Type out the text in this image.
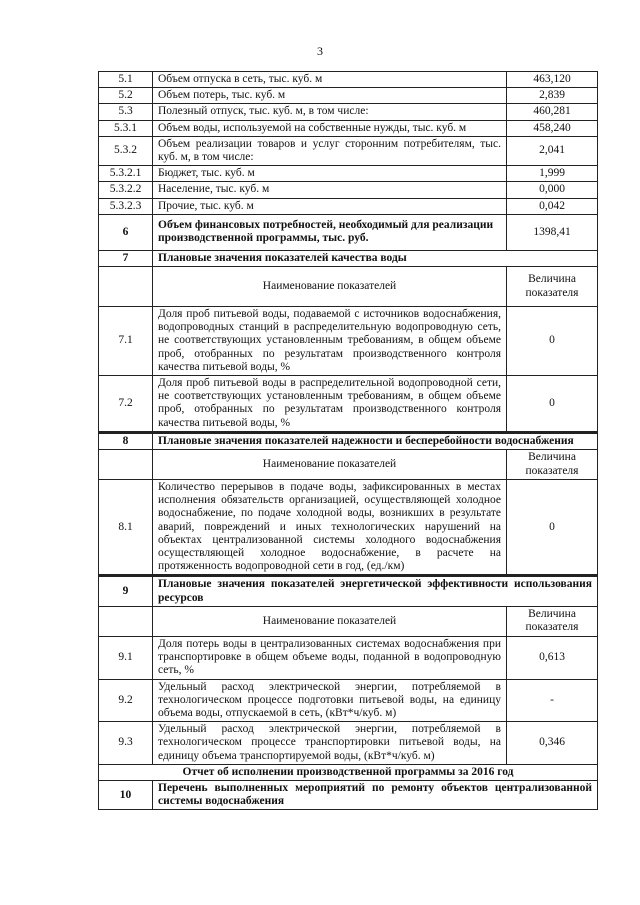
3
5.1	Объем отпуска в сеть, тыс. куб. м	463,120
5.2	Объем потерь, тыс. куб. м	2,839
5.3	Полезный отпуск, тыс. куб. м, в том числе:	460,281
5.3.1	Объем воды, используемой на собственные нужды, тыс. куб. м	458,240
5.3.2	Объем реализации товаров и услуг сторонним потребителям, тыс. куб. м, в том числе:	2,041
5.3.2.1	Бюджет, тыс. куб. м	1,999
5.3.2.2	Население, тыс. куб. м	0,000
5.3.2.3	Прочие, тыс. куб. м	0,042
6	Объем финансовых потребностей, необходимый для реализации производственной программы, тыс. руб.	1398,41
7	Плановые значения показателей качества воды	
	Наименование показателей	Величина показателя
7.1	Доля проб питьевой воды, подаваемой с источников водоснабжения, водопроводных станций в распределительную водопроводную сеть, не соответствующих установленным требованиям, в общем объеме проб, отобранных по результатам производственного контроля качества питьевой воды, %	0
7.2	Доля проб питьевой воды в распределительной водопроводной сети, не соответствующих установленным требованиям, в общем объеме проб, отобранных по результатам производственного контроля качества питьевой воды, %	0
8	Плановые значения показателей надежности и бесперебойности водоснабжения	
	Наименование показателей	Величина показателя
8.1	Количество перерывов в подаче воды, зафиксированных в местах исполнения обязательств организацией, осуществляющей холодное водоснабжение, по подаче холодной воды, возникших в результате аварий, повреждений и иных технологических нарушений на объектах централизованной системы холодного водоснабжения осуществляющей холодное водоснабжение, в расчете на протяженность водопроводной сети в год, (ед./км)	0
9	Плановые значения показателей энергетической эффективности использования ресурсов	
	Наименование показателей	Величина показателя
9.1	Доля потерь воды в централизованных системах водоснабжения при транспортировке в общем объеме воды, поданной в водопроводную сеть, %	0,613
9.2	Удельный расход электрической энергии, потребляемой в технологическом процессе подготовки питьевой воды, на единицу объема воды, отпускаемой в сеть, (кВт*ч/куб. м)	-
9.3	Удельный расход электрической энергии, потребляемой в технологическом процессе транспортировки питьевой воды, на единицу объема транспортируемой воды, (кВт*ч/куб. м)	0,346
Отчет об исполнении производственной программы за 2016 год		
10	Перечень выполненных мероприятий по ремонту объектов централизованной системы водоснабжения	
